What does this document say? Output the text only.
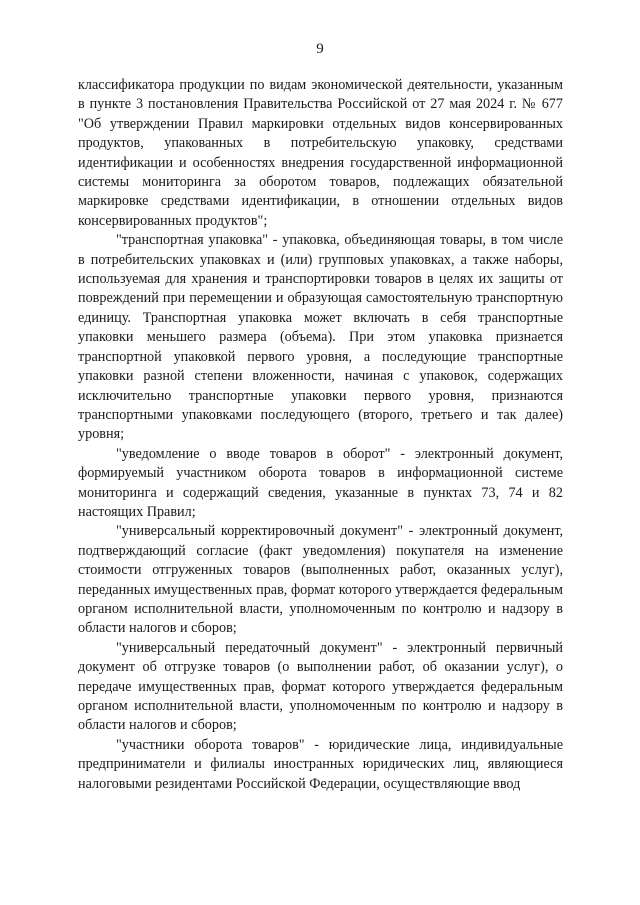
9

классификатора продукции по видам экономической деятельности, указанным в пункте 3 постановления Правительства Российской от 27 мая 2024 г. № 677 "Об утверждении Правил маркировки отдельных видов консервированных продуктов, упакованных в потребительскую упаковку, средствами идентификации и особенностях внедрения государственной информационной системы мониторинга за оборотом товаров, подлежащих обязательной маркировке средствами идентификации, в отношении отдельных видов консервированных продуктов";

"транспортная упаковка" - упаковка, объединяющая товары, в том числе в потребительских упаковках и (или) групповых упаковках, а также наборы, используемая для хранения и транспортировки товаров в целях их защиты от повреждений при перемещении и образующая самостоятельную транспортную единицу. Транспортная упаковка может включать в себя транспортные упаковки меньшего размера (объема). При этом упаковка признается транспортной упаковкой первого уровня, а последующие транспортные упаковки разной степени вложенности, начиная с упаковок, содержащих исключительно транспортные упаковки первого уровня, признаются транспортными упаковками последующего (второго, третьего и так далее) уровня;

"уведомление о вводе товаров в оборот" - электронный документ, формируемый участником оборота товаров в информационной системе мониторинга и содержащий сведения, указанные в пунктах 73, 74 и 82 настоящих Правил;

"универсальный корректировочный документ" - электронный документ, подтверждающий согласие (факт уведомления) покупателя на изменение стоимости отгруженных товаров (выполненных работ, оказанных услуг), переданных имущественных прав, формат которого утверждается федеральным органом исполнительной власти, уполномоченным по контролю и надзору в области налогов и сборов;

"универсальный передаточный документ" - электронный первичный документ об отгрузке товаров (о выполнении работ, об оказании услуг), о передаче имущественных прав, формат которого утверждается федеральным органом исполнительной власти, уполномоченным по контролю и надзору в области налогов и сборов;

"участники оборота товаров" - юридические лица, индивидуальные предприниматели и филиалы иностранных юридических лиц, являющиеся налоговыми резидентами Российской Федерации, осуществляющие ввод
